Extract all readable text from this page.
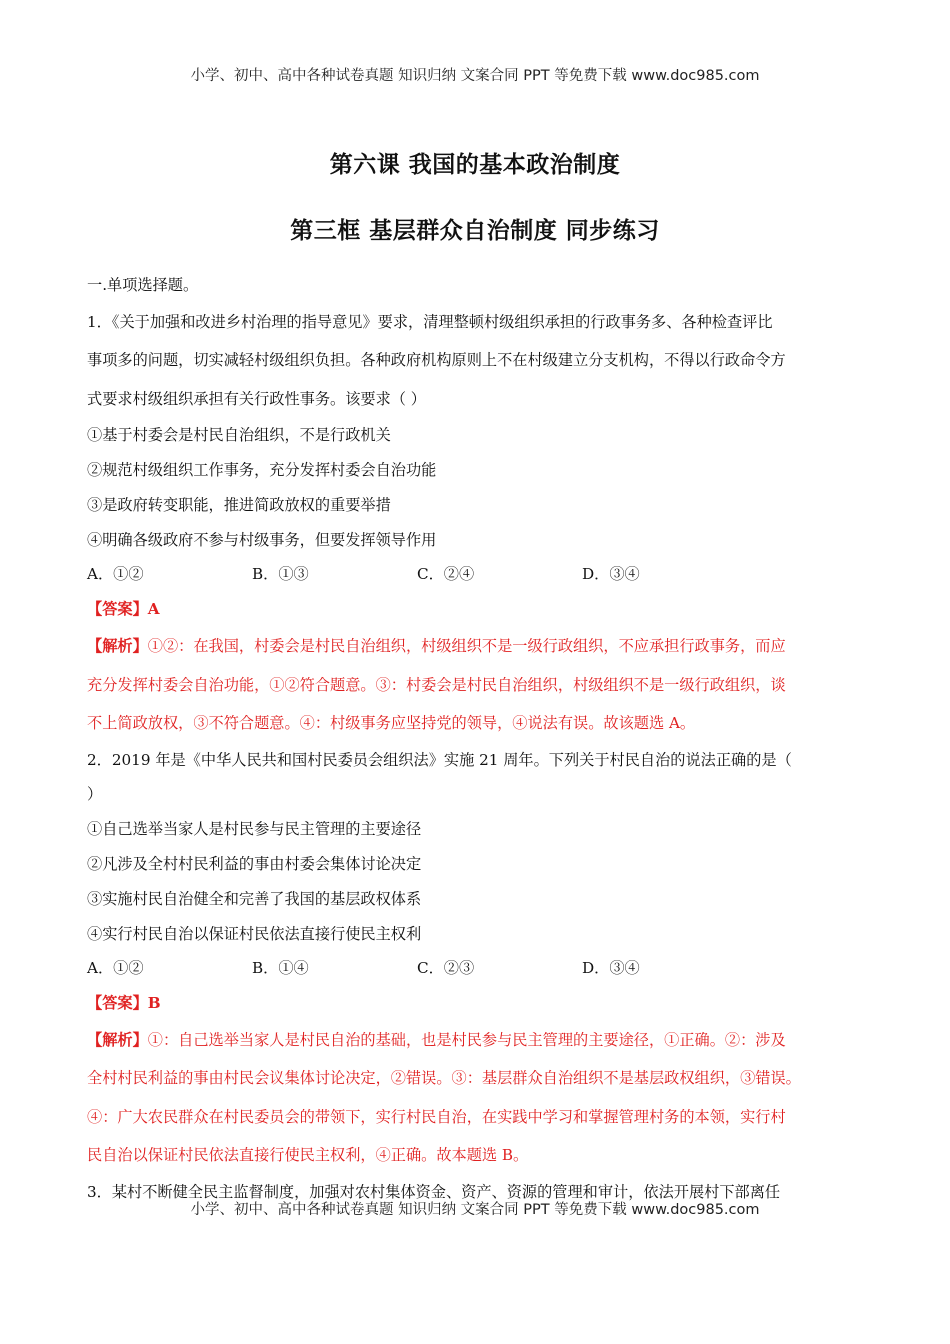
小学、初中、高中各种试卷真题 知识归纳 文案合同 PPT 等免费下载 www.doc985.com
第六课 我国的基本政治制度
第三框 基层群众自治制度 同步练习
一.单项选择题。
1．《关于加强和改进乡村治理的指导意见》要求，清理整顿村级组织承担的行政事务多、各种检查评比
事项多的问题，切实减轻村级组织负担。各种政府机构原则上不在村级建立分支机构，不得以行政命令方
式要求村级组织承担有关行政性事务。该要求（ ）
①基于村委会是村民自治组织，不是行政机关
②规范村级组织工作事务，充分发挥村委会自治功能
③是政府转变职能，推进简政放权的重要举措
④明确各级政府不参与村级事务，但要发挥领导作用
A．①②	B．①③	C．②④	D．③④
【答案】A
【解析】①②：在我国，村委会是村民自治组织，村级组织不是一级行政组织，不应承担行政事务，而应
充分发挥村委会自治功能，①②符合题意。③：村委会是村民自治组织，村级组织不是一级行政组织，谈
不上简政放权，③不符合题意。④：村级事务应坚持党的领导，④说法有误。故该题选 A。
2．2019 年是《中华人民共和国村民委员会组织法》实施 21 周年。下列关于村民自治的说法正确的是（
）
①自己选举当家人是村民参与民主管理的主要途径
②凡涉及全村村民利益的事由村委会集体讨论决定
③实施村民自治健全和完善了我国的基层政权体系
④实行村民自治以保证村民依法直接行使民主权利
A．①②	B．①④	C．②③	D．③④
【答案】B
【解析】①：自己选举当家人是村民自治的基础，也是村民参与民主管理的主要途径，①正确。②：涉及
全村村民利益的事由村民会议集体讨论决定，②错误。③：基层群众自治组织不是基层政权组织，③错误。
④：广大农民群众在村民委员会的带领下，实行村民自治，在实践中学习和掌握管理村务的本领，实行村
民自治以保证村民依法直接行使民主权利，④正确。故本题选 B。
3．某村不断健全民主监督制度，加强对农村集体资金、资产、资源的管理和审计，依法开展村下部离任
小学、初中、高中各种试卷真题 知识归纳 文案合同 PPT 等免费下载 www.doc985.com
